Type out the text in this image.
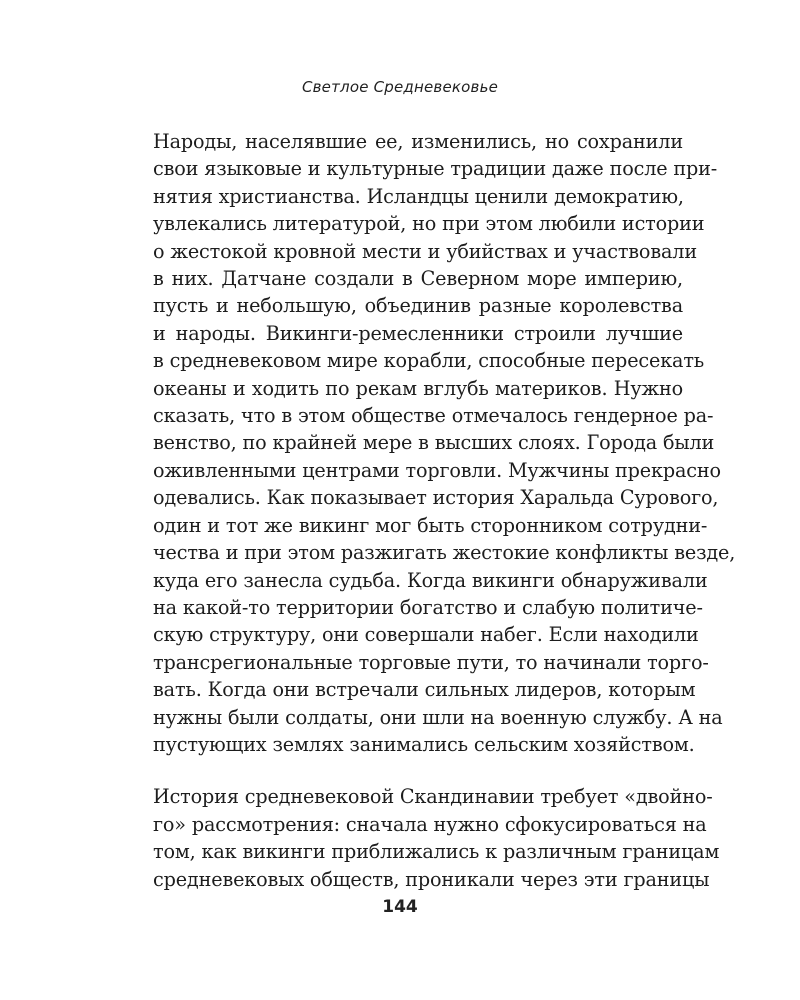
Светлое Средневековье

Народы, населявшие ее, изменились, но сохранили
свои языковые и культурные традиции даже после при-
нятия христианства. Исландцы ценили демократию,
увлекались литературой, но при этом любили истории
о жестокой кровной мести и убийствах и участвовали
в них. Датчане создали в Северном море империю,
пусть и небольшую, объединив разные королевства
и народы. Викинги-ремесленники строили лучшие
в средневековом мире корабли, способные пересекать
океаны и ходить по рекам вглубь материков. Нужно
сказать, что в этом обществе отмечалось гендерное ра-
венство, по крайней мере в высших слоях. Города были
оживленными центрами торговли. Мужчины прекрасно
одевались. Как показывает история Харальда Сурового,
один и тот же викинг мог быть сторонником сотрудни-
чества и при этом разжигать жестокие конфликты везде,
куда его занесла судьба. Когда викинги обнаруживали
на какой-то территории богатство и слабую политиче-
скую структуру, они совершали набег. Если находили
трансрегиональные торговые пути, то начинали торго-
вать. Когда они встречали сильных лидеров, которым
нужны были солдаты, они шли на военную службу. А на
пустующих землях занимались сельским хозяйством.

История средневековой Скандинавии требует «двойно-
го» рассмотрения: сначала нужно сфокусироваться на
том, как викинги приближались к различным границам
средневековых обществ, проникали через эти границы

144
